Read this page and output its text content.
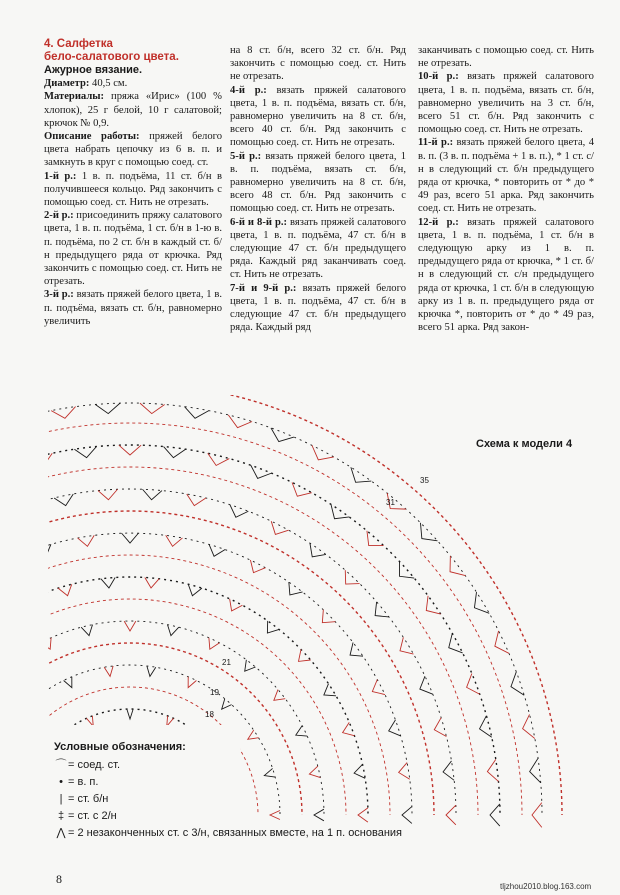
4. Салфетка
бело-салатового цвета.
Ажурное вязание.

Диаметр: 40,5 см.

Материалы: пряжа «Ирис» (100 % хлопок), 25 г белой, 10 г салатовой; крючок № 0,9.

Описание работы: пряжей белого цвета набрать цепочку из 6 в. п. и замкнуть в круг с помощью соед. ст.

1-й р.: 1 в. п. подъёма, 11 ст. б/н в получившееся кольцо. Ряд закончить с помощью соед. ст. Нить не отрезать.

2-й р.: присоединить пряжу салатового цвета, 1 в. п. подъёма, 1 ст. б/н в 1-ю в. п. подъёма, по 2 ст. б/н в каждый ст. б/н предыдущего ряда от крючка. Ряд закончить с помощью соед. ст. Нить не отрезать.

3-й р.: вязать пряжей белого цвета, 1 в. п. подъёма, вязать ст. б/н, равномерно увеличить

на 8 ст. б/н, всего 32 ст. б/н. Ряд закончить с помощью соед. ст. Нить не отрезать.

4-й р.: вязать пряжей салатового цвета, 1 в. п. подъёма, вязать ст. б/н, равномерно увеличить на 8 ст. б/н, всего 40 ст. б/н. Ряд закончить с помощью соед. ст. Нить не отрезать.

5-й р.: вязать пряжей белого цвета, 1 в. п. подъёма, вязать ст. б/н, равномерно увеличить на 8 ст. б/н, всего 48 ст. б/н. Ряд закончить с помощью соед. ст. Нить не отрезать.

6-й и 8-й р.: вязать пряжей салатового цвета, 1 в. п. подъёма, 47 ст. б/н в следующие 47 ст. б/н предыдущего ряда. Каждый ряд заканчивать соед. ст. Нить не отрезать.

7-й и 9-й р.: вязать пряжей белого цвета, 1 в. п. подъёма, 47 ст. б/н в следующие 47 ст. б/н предыдущего ряда. Каждый ряд

заканчивать с помощью соед. ст. Нить не отрезать.

10-й р.: вязать пряжей салатового цвета, 1 в. п. подъёма, вязать ст. б/н, равномерно увеличить на 3 ст. б/н, всего 51 ст. б/н. Ряд закончить с помощью соед. ст. Нить не отрезать.

11-й р.: вязать пряжей белого цвета, 4 в. п. (3 в. п. подъёма + 1 в. п.), * 1 ст. с/н в следующий ст. б/н предыдущего ряда от крючка, * повторить от * до * 49 раз, всего 51 арка. Ряд закончить соед. ст. Нить не отрезать.

12-й р.: вязать пряжей салатового цвета, 1 в. п. подъёма, 1 ст. б/н в следующую арку из 1 в. п. предыдущего ряда от крючка, * 1 ст. б/н в следующий ст. с/н предыдущего ряда от крючка, 1 ст. б/н в следующую арку из 1 в. п. предыдущего ряда от крючка *, повторить от * до * 49 раз, всего 51 арка. Ряд закон-

Схема к модели 4
18
19
21
31
35
Условные обозначения:
⌒ = соед. ст.
• = в. п.
| = ст. б/н
‡ = ст. с 2/н
⋀ = 2 незаконченных ст. с 3/н, связанных вместе, на 1 п. основания
8
tljzhou2010.blog.163.com
